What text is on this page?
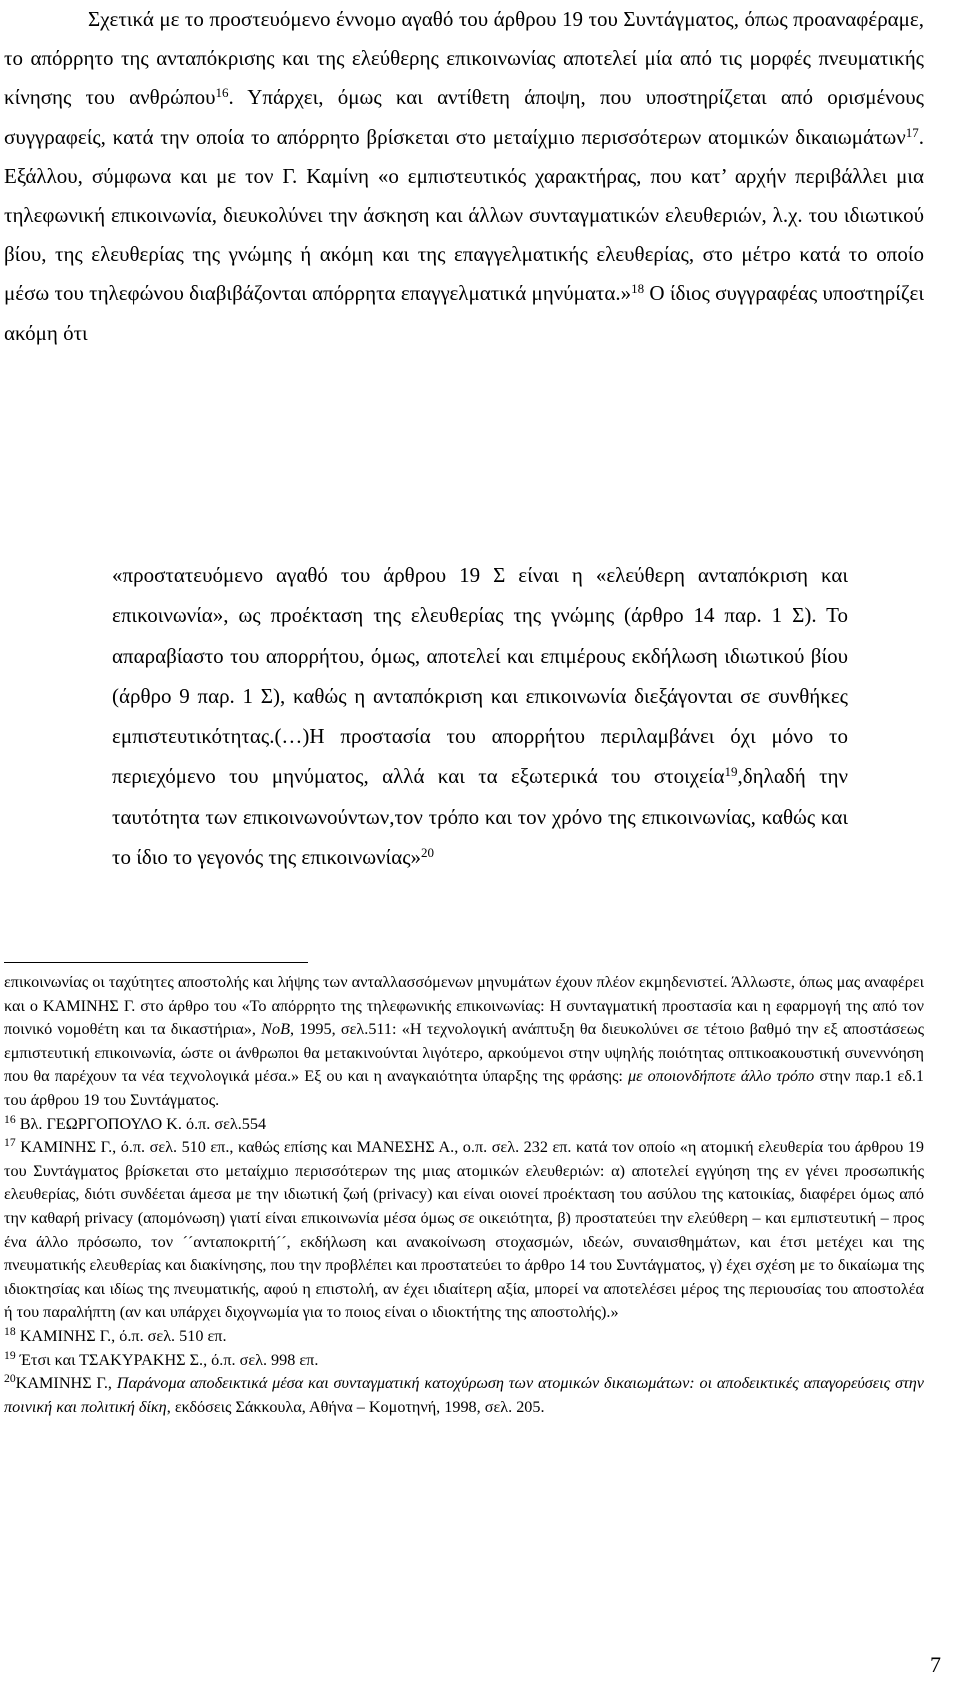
Σχετικά με το προστευόμενο έννομο αγαθό του άρθρου 19 του Συντάγματος, όπως προαναφέραμε, το απόρρητο της ανταπόκρισης και της ελεύθερης επικοινωνίας αποτελεί μία από τις μορφές πνευματικής κίνησης του ανθρώπου$^{16}$. Υπάρχει, όμως και αντίθετη άποψη, που υποστηρίζεται από ορισμένους συγγραφείς, κατά την οποία το απόρρητο βρίσκεται στο μεταίχμιο περισσότερων ατομικών δικαιωμάτων$^{17}$. Εξάλλου, σύμφωνα και με τον Γ. Καμίνη «ο εμπιστευτικός χαρακτήρας, που κατ’ αρχήν περιβάλλει μια τηλεφωνική επικοινωνία, διευκολύνει την άσκηση και άλλων συνταγματικών ελευθεριών, λ.χ. του ιδιωτικού βίου, της ελευθερίας της γνώμης ή ακόμη και της επαγγελματικής ελευθερίας, στο μέτρο κατά το οποίο μέσω του τηλεφώνου διαβιβάζονται απόρρητα επαγγελματικά μηνύματα.»$^{18}$ Ο ίδιος συγγραφέας υποστηρίζει ακόμη ότι

«προστατευόμενο αγαθό του άρθρου 19 Σ είναι η «ελεύθερη ανταπόκριση και επικοινωνία», ως προέκταση της ελευθερίας της γνώμης (άρθρο 14 παρ. 1 Σ). Το απαραβίαστο του απορρήτου, όμως, αποτελεί και επιμέρους εκδήλωση ιδιωτικού βίου (άρθρο 9 παρ. 1 Σ), καθώς η ανταπόκριση και επικοινωνία διεξάγονται σε συνθήκες εμπιστευτικότητας.(…)Η προστασία του απορρήτου περιλαμβάνει όχι μόνο το περιεχόμενο του μηνύματος, αλλά και τα εξωτερικά του στοιχεία$^{19}$,δηλαδή την ταυτότητα των επικοινωνούντων,τον τρόπο και τον χρόνο της επικοινωνίας, καθώς και το ίδιο το γεγονός της επικοινωνίας»$^{20}$

επικοινωνίας οι ταχύτητες αποστολής και λήψης των ανταλλασσόμενων μηνυμάτων έχουν πλέον εκμηδενιστεί. Άλλωστε, όπως μας αναφέρει και ο ΚΑΜΙΝΗΣ Γ. στο άρθρο του «Το απόρρητο της τηλεφωνικής επικοινωνίας: Η συνταγματική προστασία και η εφαρμογή της από τον ποινικό νομοθέτη και τα δικαστήρια», NoB, 1995, σελ.511: «Η τεχνολογική ανάπτυξη θα διευκολύνει σε τέτοιο βαθμό την εξ αποστάσεως εμπιστευτική επικοινωνία, ώστε οι άνθρωποι θα μετακινούνται λιγότερο, αρκούμενοι στην υψηλής ποιότητας οπτικοακουστική συνεννόηση που θα παρέχουν τα νέα τεχνολογικά μέσα.» Εξ ου και η αναγκαιότητα ύπαρξης της φράσης: με οποιονδήποτε άλλο τρόπο στην παρ.1 εδ.1 του άρθρου 19 του Συντάγματος.
$^{16}$ Βλ. ΓΕΩΡΓΟΠΟΥΛΟ Κ. ό.π. σελ.554
$^{17}$ ΚΑΜΙΝΗΣ Γ., ό.π. σελ. 510 επ., καθώς επίσης και ΜΑΝΕΣΗΣ Α., ο.π. σελ. 232 επ. κατά τον οποίο «η ατομική ελευθερία του άρθρου 19 του Συντάγματος βρίσκεται στο μεταίχμιο περισσότερων της μιας ατομικών ελευθεριών: α) αποτελεί εγγύηση της εν γένει προσωπικής ελευθερίας, διότι συνδέεται άμεσα με την ιδιωτική ζωή (privacy) και είναι οιονεί προέκταση του ασύλου της κατοικίας, διαφέρει όμως από την καθαρή privacy (απομόνωση) γιατί είναι επικοινωνία μέσα όμως σε οικειότητα, β) προστατεύει την ελεύθερη – και εμπιστευτική – προς ένα άλλο πρόσωπο, τον ´´ανταποκριτή´´, εκδήλωση και ανακοίνωση στοχασμών, ιδεών, συναισθημάτων, και έτσι μετέχει και της πνευματικής ελευθερίας και διακίνησης, που την προβλέπει και προστατεύει το άρθρο 14 του Συντάγματος, γ) έχει σχέση με το δικαίωμα της ιδιοκτησίας και ιδίως της πνευματικής, αφού η επιστολή, αν έχει ιδιαίτερη αξία, μπορεί να αποτελέσει μέρος της περιουσίας του αποστολέα ή του παραλήπτη (αν και υπάρχει διχογνωμία για το ποιος είναι ο ιδιοκτήτης της αποστολής).»
$^{18}$ ΚΑΜΙΝΗΣ Γ., ό.π. σελ. 510 επ.
$^{19}$ Έτσι και ΤΣΑΚΥΡΑΚΗΣ Σ., ό.π. σελ. 998 επ.
$^{20}$ΚΑΜΙΝΗΣ Γ., Παράνομα αποδεικτικά μέσα και συνταγματική κατοχύρωση των ατομικών δικαιωμάτων: οι αποδεικτικές απαγορεύσεις στην ποινική και πολιτική δίκη, εκδόσεις Σάκκουλα, Αθήνα – Κομοτηνή, 1998, σελ. 205.
7
